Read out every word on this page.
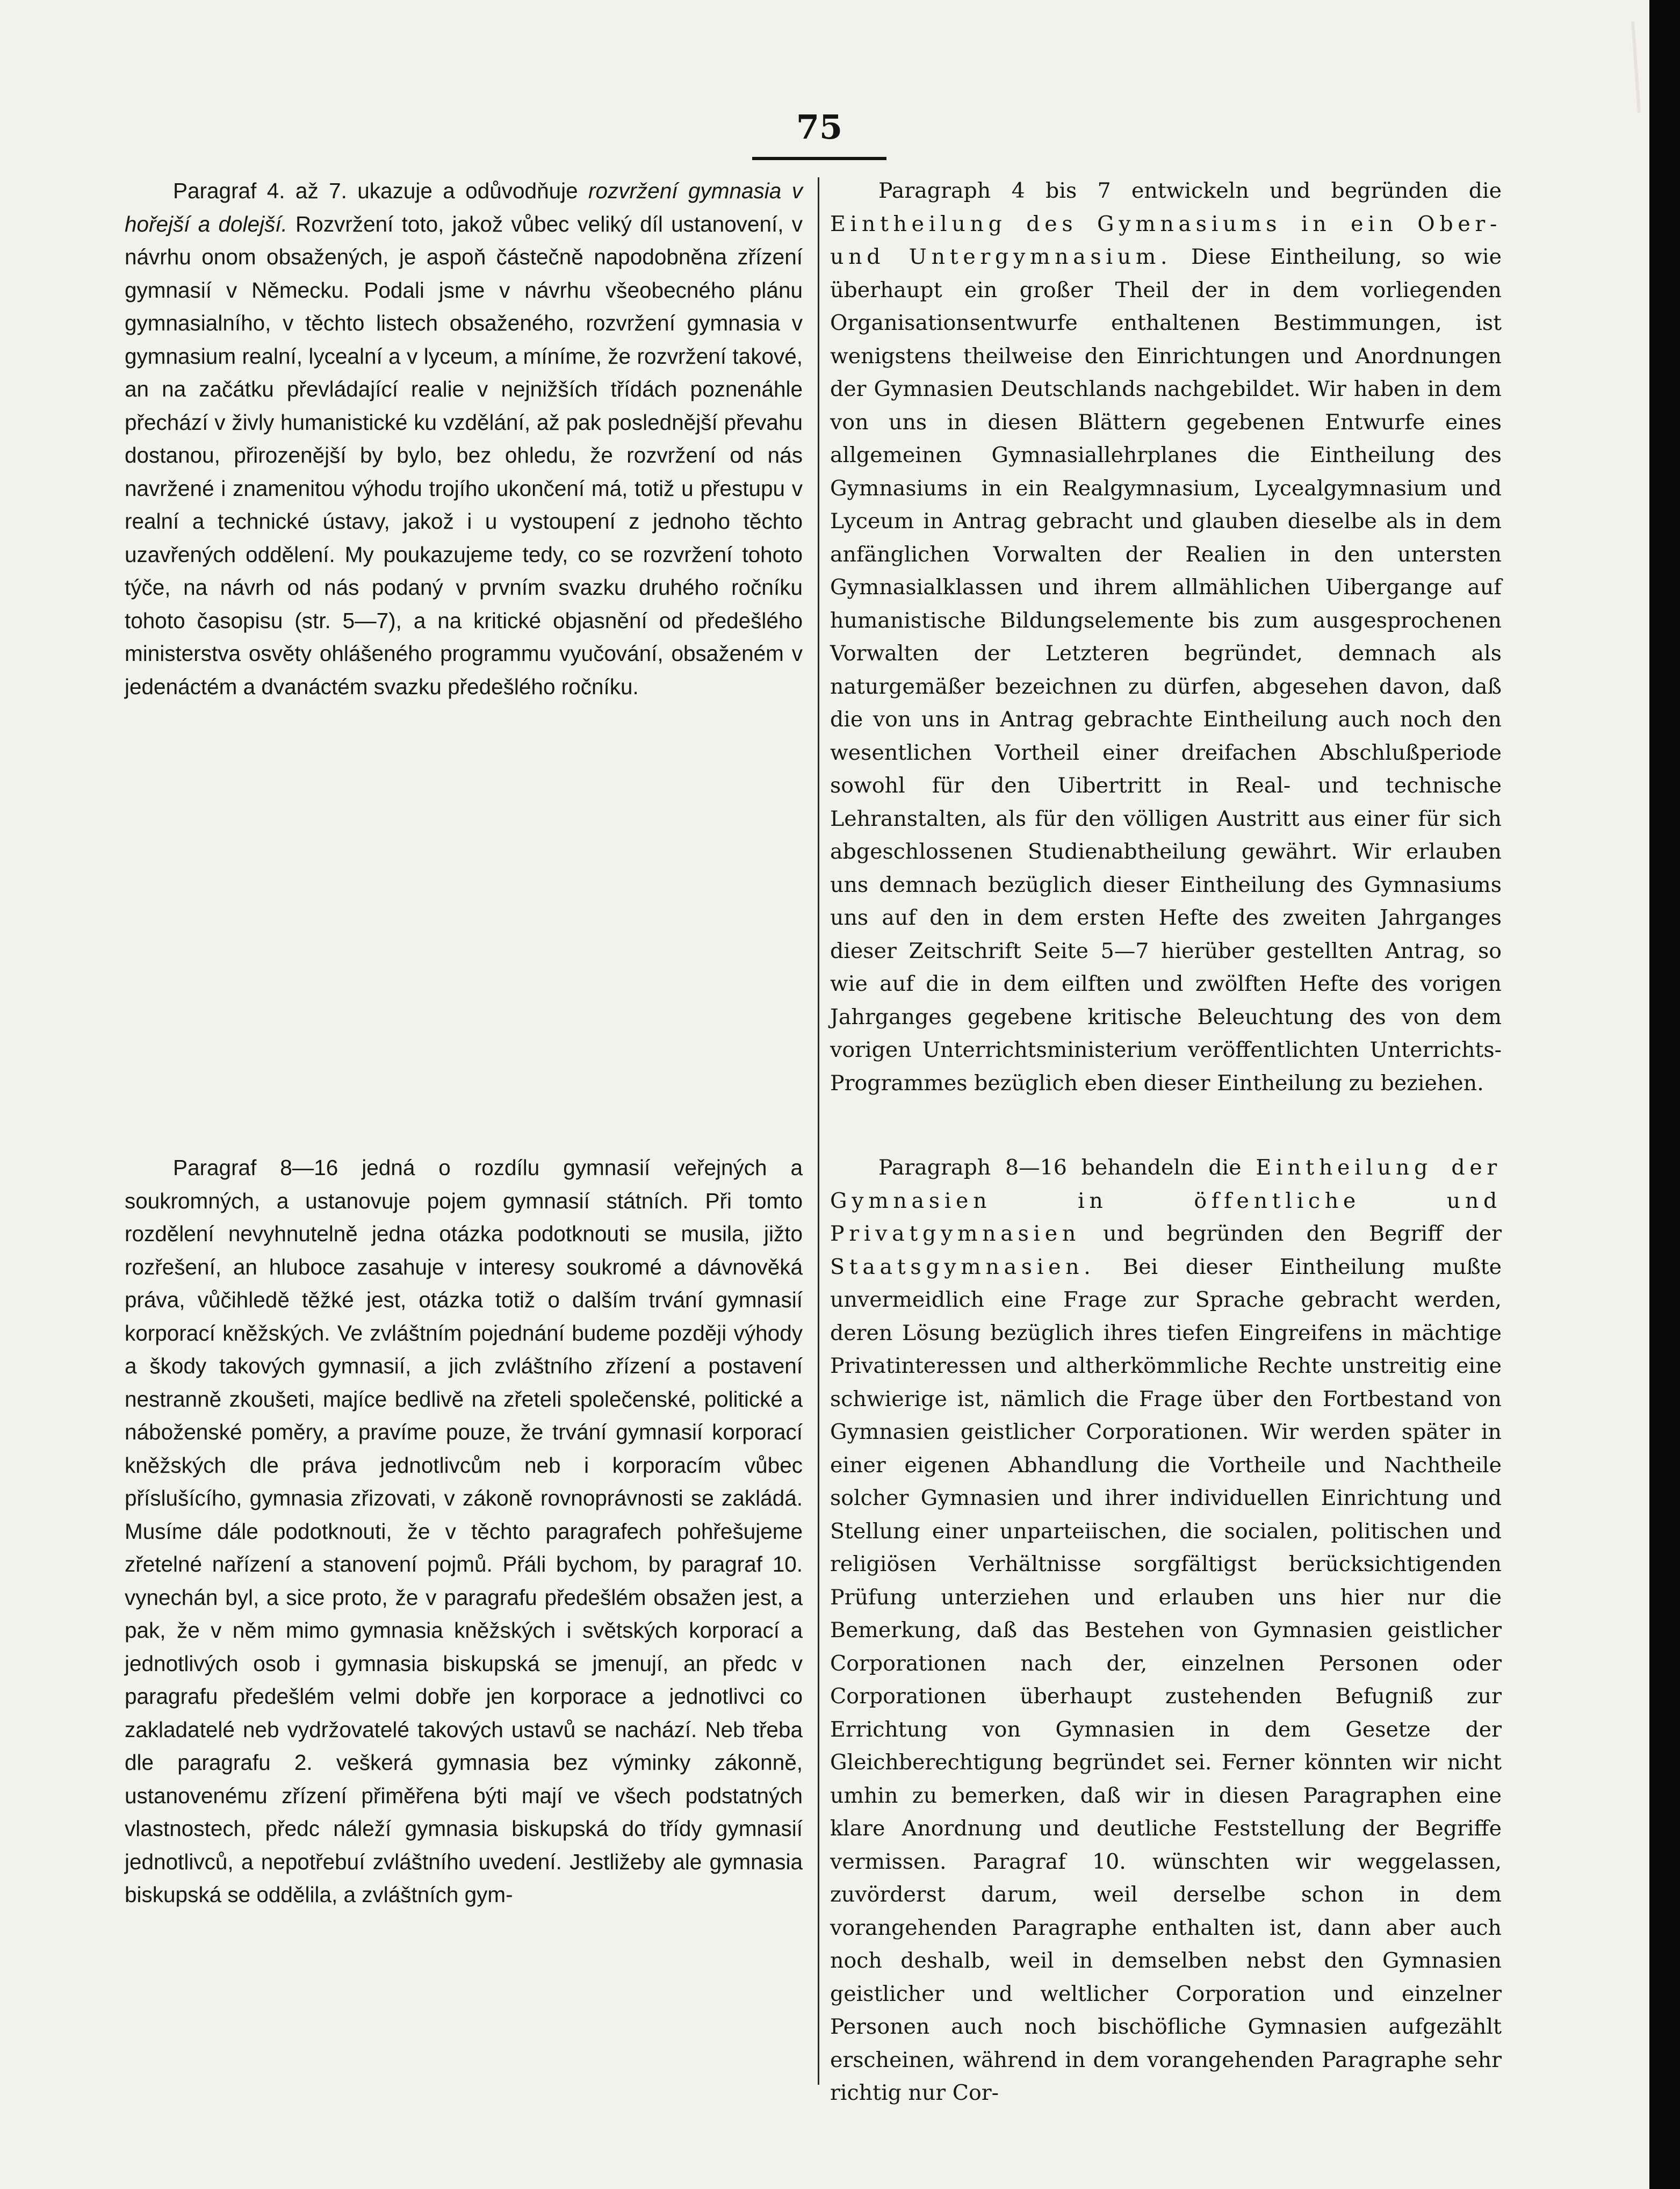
75

Paragraf 4. až 7. ukazuje a odůvodňuje rozvržení gymnasia v hořejší a dolejší. Rozvržení toto, jakož vůbec veliký díl ustanovení, v návrhu onom obsažených, je aspoň částečně napodobněna zřízení gymnasií v Německu. Podali jsme v návrhu všeobecného plánu gymnasialního, v těchto listech obsaženého, rozvržení gymnasia v gymnasium realní, lycealní a v lyceum, a míníme, že rozvržení takové, an na začátku převládající realie v nejnižších třídách poznenáhle přechází v živly humanistické ku vzdělání, až pak poslednější převahu dostanou, přirozenější by bylo, bez ohledu, že rozvržení od nás navržené i znamenitou výhodu trojího ukončení má, totiž u přestupu v realní a technické ústavy, jakož i u vystoupení z jednoho těchto uzavřených oddělení. My poukazujeme tedy, co se rozvržení tohoto týče, na návrh od nás podaný v prvním svazku druhého ročníku tohoto časopisu (str. 5—7), a na kritické objasnění od předešlého ministerstva osvěty ohlášeného programmu vyučování, obsaženém v jedenáctém a dvanáctém svazku předešlého ročníku.

Paragraph 4 bis 7 entwickeln und begründen die Eintheilung des Gymnasiums in ein Ober- und Untergymnasium. Diese Eintheilung, so wie überhaupt ein großer Theil der in dem vorliegenden Organisationsentwurfe enthaltenen Bestimmungen, ist wenigstens theilweise den Einrichtungen und Anordnungen der Gymnasien Deutschlands nachgebildet. Wir haben in dem von uns in diesen Blättern gegebenen Entwurfe eines allgemeinen Gymnasiallehrplanes die Eintheilung des Gymnasiums in ein Realgymnasium, Lycealgymnasium und Lyceum in Antrag gebracht und glauben dieselbe als in dem anfänglichen Vorwalten der Realien in den untersten Gymnasialklassen und ihrem allmählichen Uibergange auf humanistische Bildungselemente bis zum ausgesprochenen Vorwalten der Letzteren begründet, demnach als naturgemäßer bezeichnen zu dürfen, abgesehen davon, daß die von uns in Antrag gebrachte Eintheilung auch noch den wesentlichen Vortheil einer dreifachen Abschlußperiode sowohl für den Uibertritt in Real- und technische Lehranstalten, als für den völligen Austritt aus einer für sich abgeschlossenen Studienabtheilung gewährt. Wir erlauben uns demnach bezüglich dieser Eintheilung des Gymnasiums uns auf den in dem ersten Hefte des zweiten Jahrganges dieser Zeitschrift Seite 5—7 hierüber gestellten Antrag, so wie auf die in dem eilften und zwölften Hefte des vorigen Jahrganges gegebene kritische Beleuchtung des von dem vorigen Unterrichtsministerium veröffentlichten Unterrichts-Programmes bezüglich eben dieser Eintheilung zu beziehen.

Paragraf 8—16 jedná o rozdílu gymnasií veřejných a soukromných, a ustanovuje pojem gymnasií státních. Při tomto rozdělení nevyhnutelně jedna otázka podotknouti se musila, jižto rozřešení, an hluboce zasahuje v interesy soukromé a dávnověká práva, vůčihledě těžké jest, otázka totiž o dalším trvání gymnasií korporací kněžských. Ve zvláštním pojednání budeme později výhody a škody takových gymnasií, a jich zvláštního zřízení a postavení nestranně zkoušeti, majíce bedlivě na zřeteli společenské, politické a náboženské poměry, a pravíme pouze, že trvání gymnasií korporací kněžských dle práva jednotlivcům neb i korporacím vůbec příslušícího, gymnasia zřizovati, v zákoně rovnoprávnosti se zakládá. Musíme dále podotknouti, že v těchto paragrafech pohřešujeme zřetelné nařízení a stanovení pojmů. Přáli bychom, by paragraf 10. vynechán byl, a sice proto, že v paragrafu předešlém obsažen jest, a pak, že v něm mimo gymnasia kněžských i světských korporací a jednotlivých osob i gymnasia biskupská se jmenují, an předc v paragrafu předešlém velmi dobře jen korporace a jednotlivci co zakladatelé neb vydržovatelé takových ustavů se nachází. Neb třeba dle paragrafu 2. veškerá gymnasia bez výminky zákonně, ustanovenému zřízení přiměřena býti mají ve všech podstatných vlastnostech, předc náleží gymnasia biskupská do třídy gymnasií jednotlivců, a nepotřebuí zvláštního uvedení. Jestližeby ale gymnasia biskupská se oddělila, a zvláštních gym-

Paragraph 8—16 behandeln die Eintheilung der Gymnasien in öffentliche und Privatgymnasien und begründen den Begriff der Staatsgymnasien. Bei dieser Eintheilung mußte unvermeidlich eine Frage zur Sprache gebracht werden, deren Lösung bezüglich ihres tiefen Eingreifens in mächtige Privatinteressen und altherkömmliche Rechte unstreitig eine schwierige ist, nämlich die Frage über den Fortbestand von Gymnasien geistlicher Corporationen. Wir werden später in einer eigenen Abhandlung die Vortheile und Nachtheile solcher Gymnasien und ihrer individuellen Einrichtung und Stellung einer unparteiischen, die socialen, politischen und religiösen Verhältnisse sorgfältigst berücksichtigenden Prüfung unterziehen und erlauben uns hier nur die Bemerkung, daß das Bestehen von Gymnasien geistlicher Corporationen nach der, einzelnen Personen oder Corporationen überhaupt zustehenden Befugniß zur Errichtung von Gymnasien in dem Gesetze der Gleichberechtigung begründet sei. Ferner könnten wir nicht umhin zu bemerken, daß wir in diesen Paragraphen eine klare Anordnung und deutliche Feststellung der Begriffe vermissen. Paragraf 10. wünschten wir weggelassen, zuvörderst darum, weil derselbe schon in dem vorangehenden Paragraphe enthalten ist, dann aber auch noch deshalb, weil in demselben nebst den Gymnasien geistlicher und weltlicher Corporation und einzelner Personen auch noch bischöfliche Gymnasien aufgezählt erscheinen, während in dem vorangehenden Paragraphe sehr richtig nur Cor-
